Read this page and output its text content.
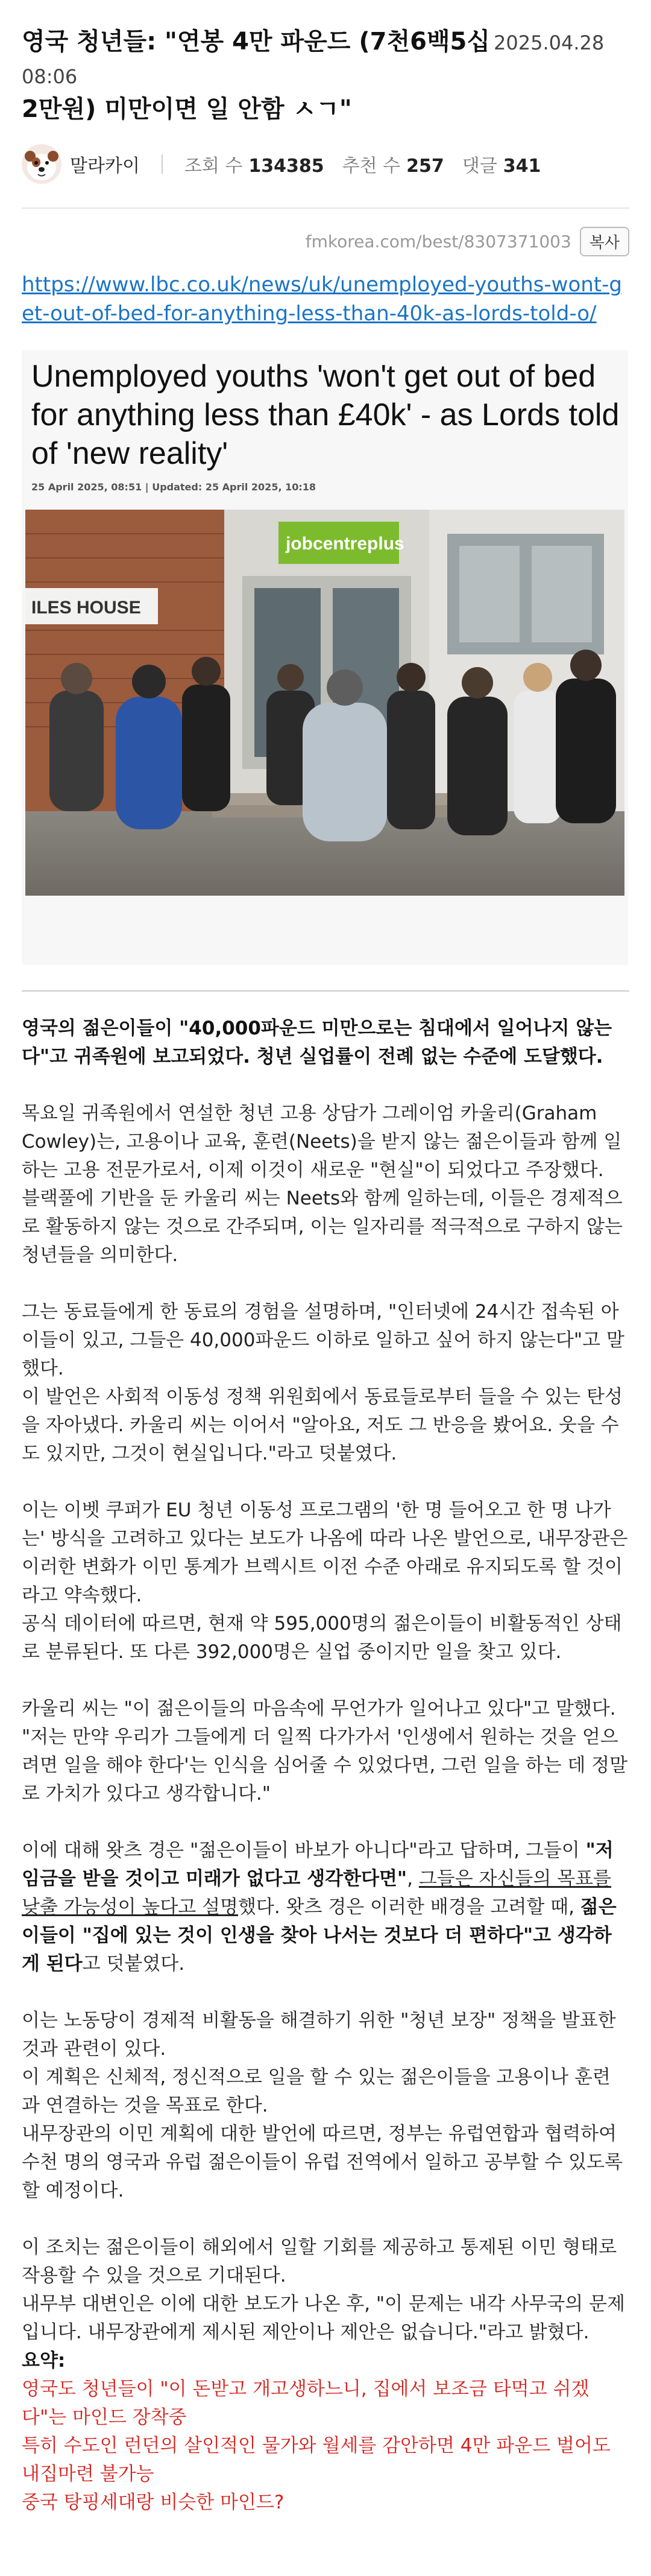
영국 청년들: "연봉 4만 파운드 (7천6백5십 2025.04.28 08:06
2만원) 미만이면 일 안함 ㅅㄱ"
말라카이 조회 수 134385 추천 수 257 댓글 341
fmkorea.com/best/8307371003	복사
https://www.lbc.co.uk/news/uk/unemployed-youths-wont-get-out-of-bed-for-anything-less-than-40k-as-lords-told-o/
Unemployed youths 'won't get out of bed for anything less than £40k' - as Lords told of 'new reality'
25 April 2025, 08:51 | Updated: 25 April 2025, 10:18
ILES HOUSE
jobcentreplus

영국의 젊은이들이 "40,000파운드 미만으로는 침대에서 일어나지 않는다"고 귀족원에 보고되었다. 청년 실업률이 전례 없는 수준에 도달했다.

목요일 귀족원에서 연설한 청년 고용 상담가 그레이엄 카울리(Graham Cowley)는, 고용이나 교육, 훈련(Neets)을 받지 않는 젊은이들과 함께 일하는 고용 전문가로서, 이제 이것이 새로운 "현실"이 되었다고 주장했다.

블랙풀에 기반을 둔 카울리 씨는 Neets와 함께 일하는데, 이들은 경제적으로 활동하지 않는 것으로 간주되며, 이는 일자리를 적극적으로 구하지 않는 청년들을 의미한다.

그는 동료들에게 한 동료의 경험을 설명하며, "인터넷에 24시간 접속된 아이들이 있고, 그들은 40,000파운드 이하로 일하고 싶어 하지 않는다"고 말했다.

이 발언은 사회적 이동성 정책 위원회에서 동료들로부터 들을 수 있는 탄성을 자아냈다. 카울리 씨는 이어서 "알아요, 저도 그 반응을 봤어요. 웃을 수도 있지만, 그것이 현실입니다."라고 덧붙였다.

이는 이벳 쿠퍼가 EU 청년 이동성 프로그램의 '한 명 들어오고 한 명 나가는' 방식을 고려하고 있다는 보도가 나옴에 따라 나온 발언으로, 내무장관은 이러한 변화가 이민 통계가 브렉시트 이전 수준 아래로 유지되도록 할 것이라고 약속했다.

공식 데이터에 따르면, 현재 약 595,000명의 젊은이들이 비활동적인 상태로 분류된다. 또 다른 392,000명은 실업 중이지만 일을 찾고 있다.

카울리 씨는 "이 젊은이들의 마음속에 무언가가 일어나고 있다"고 말했다.

"저는 만약 우리가 그들에게 더 일찍 다가가서 '인생에서 원하는 것을 얻으려면 일을 해야 한다'는 인식을 심어줄 수 있었다면, 그런 일을 하는 데 정말로 가치가 있다고 생각합니다."

이에 대해 왓츠 경은 "젊은이들이 바보가 아니다"라고 답하며, 그들이 "저임금을 받을 것이고 미래가 없다고 생각한다면", 그들은 자신들의 목표를 낮출 가능성이 높다고 설명했다. 왓츠 경은 이러한 배경을 고려할 때, 젊은이들이 "집에 있는 것이 인생을 찾아 나서는 것보다 더 편하다"고 생각하게 된다고 덧붙였다.

이는 노동당이 경제적 비활동을 해결하기 위한 "청년 보장" 정책을 발표한 것과 관련이 있다.

이 계획은 신체적, 정신적으로 일을 할 수 있는 젊은이들을 고용이나 훈련과 연결하는 것을 목표로 한다.

내무장관의 이민 계획에 대한 발언에 따르면, 정부는 유럽연합과 협력하여 수천 명의 영국과 유럽 젊은이들이 유럽 전역에서 일하고 공부할 수 있도록 할 예정이다.

이 조치는 젊은이들이 해외에서 일할 기회를 제공하고 통제된 이민 형태로 작용할 수 있을 것으로 기대된다.

내무부 대변인은 이에 대한 보도가 나온 후, "이 문제는 내각 사무국의 문제입니다. 내무장관에게 제시된 제안이나 제안은 없습니다."라고 밝혔다.

요약:

영국도 청년들이 "이 돈받고 개고생하느니, 집에서 보조금 타먹고 쉬겠다"는 마인드 장착중

특히 수도인 런던의 살인적인 물가와 월세를 감안하면 4만 파운드 벌어도 내집마련 불가능

중국 탕핑세대랑 비슷한 마인드?
